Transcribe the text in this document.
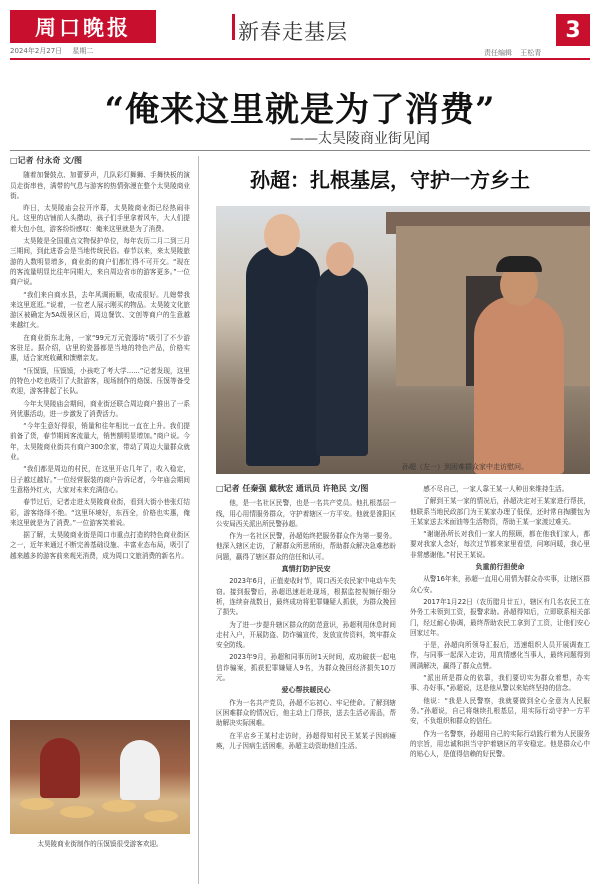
周口晚报
2024年2月27日 星期二
新春走基层
责任编辑 王松青
3
“俺来这里就是为了消费”
——太昊陵商业街见闻
□记者 付永奇 文/图

随着加餐鼓点、加蕾萝声，几队彩灯舞狮、手舞快板的演员走街串巷，满带的气息与游客的热情弥漫在整个太昊陵商业街。

昨日，太昊陵庙会拉开序幕，太昊陵商业街已经热闹非凡。这里的店铺前人头攒动，孩子们手里拿着风车，大人们提着大包小包，游客纷纷感叹：俺来这里就是为了消费。

太昊陵是全国重点文物保护单位，每年农历二月二到三月三期间，到此进香会是当地传统民俗。春节以来，来太昊陵旅游的人数明显增多，商业街的商户们都忙得不可开交。“现在的客流量明显比往年同期大，来自周边省市的游客更多。”一位商户说。

“我们来自商水县，去年风调雨顺，收成很好。儿媳带我来这里逛逛。”说着，一位老人展示刚买的物品。太昊陵文化旅游区被确定为5A级景区后，周边餐饮、文创等商户的生意越来越红火。

在商业街东北角，一家“99元万元瓷器坊”吸引了不少游客驻足。据介绍，店里的瓷器都是当地的特色产品，价格实惠，适合家庭收藏和馈赠亲友。

“压馍馍，压馍馍，小孩吃了考大学……”记者发现，这里的特色小吃也吸引了大批游客，现场制作的烙馍、压馍等备受欢迎，游客排起了长队。

今年太昊陵庙会期间，商业街还联合周边商户推出了一系列优惠活动，进一步激发了消费活力。

“今年生意好得很，销量和往年相比一直在上升。我们提前备了货，春节期间客流量大，销售额明显增加。”商户说。今年，太昊陵商业街共有商户300余家，带动了周边大量群众就业。

“我们都是周边的村民，在这里开店几年了，收入稳定，日子越过越好。”一位经营服装的商户告诉记者，今年庙会期间生意格外红火，大家对未来充满信心。

春节过后，记者走进太昊陵商业街，看到大街小巷张灯结彩，游客络绎不绝。“这里环境好，东西全，价格也实惠，俺来这里就是为了消费。”一位游客笑着说。

据了解，太昊陵商业街是周口市重点打造的特色商业街区之一，近年来通过不断完善基础设施、丰富业态布局，吸引了越来越多的游客前来观光消费，成为周口文旅消费的新名片。

太昊陵商业街制作的压馍馍很受游客欢迎。
孙超：扎根基层，守护一方乡土
孙超（左一）到困难群众家中走访慰问。
□记者 任秦强 戴秋宏 通讯员 许艳民 文/图

他，是一名社区民警，也是一名共产党员。他扎根基层一线，用心用情服务群众，守护着辖区一方平安。他就是淮阳区公安局西关派出所民警孙超。

作为一名社区民警，孙超始终把服务群众作为第一要务。他深入辖区走访，了解群众所思所盼，帮助群众解决急难愁盼问题，赢得了辖区群众的信任和认可。

真情打防护民安

2023年6月，正值麦收时节，周口西关农民家中电动车失窃。接到报警后，孙超迅速赶赴现场，根据监控视频仔细分析，连续奋战数日，最终成功将犯罪嫌疑人抓获，为群众挽回了损失。

为了进一步提升辖区群众的防范意识，孙超利用休息时间走村入户，开展防盗、防诈骗宣传，发放宣传资料，筑牢群众安全防线。

2023年9月，孙超和同事历时1天时间，成功破获一起电信诈骗案，抓获犯罪嫌疑人9名，为群众挽回经济损失10万元。

爱心帮扶暖民心

作为一名共产党员，孙超不忘初心、牢记使命。了解到辖区困难群众的情况后，他主动上门帮扶，送去生活必需品，帮助解决实际困难。

在平店乡王某村走访时，孙超得知村民王某某子因病瘫痪，儿子因病生活困难，孙超主动资助他们生活。

感不尽自己，一家人靠王某一人种田来维持生活。

了解到王某一家的情况后，孙超决定对王某家进行帮扶，他联系当地民政部门为王某家办理了低保，还时常自掏腰包为王某家送去米面油等生活物资，帮助王某一家渡过难关。

“谢谢孙所长对我们一家人的照顾，都在他我们家人，都要对我家人念好，每次过节都来家里看望，问寒问暖，我心里非常感谢他。”村民王某说。

负重前行担使命

从警16年来，孙超一直用心用情为群众办实事，让辖区群众心安。

2017年1月22日（农历腊月廿五），辖区有几名农民工在外务工未领到工资，报警求助。孙超得知后，立即联系相关部门，经过耐心协调，最终帮助农民工拿到了工资，让他们安心回家过年。

于是，孙超向所领导汇报后，迅速组织人员开展调查工作，与同事一起深入走访，用真情感化当事人，最终问题得到圆满解决，赢得了群众点赞。

“派出所是群众的依靠，我们要切实为群众着想，办实事、办好事。”孙超说，这是他从警以来始终坚持的信念。

他说：“我是人民警察，我就要做到全心全意为人民服务。”孙超说，自己将继续扎根基层，用实际行动守护一方平安，不负组织和群众的信任。

作为一名警察，孙超用自己的实际行动践行着为人民服务的宗旨，用忠诚和担当守护着辖区的平安稳定。他是群众心中的贴心人，是值得信赖的好民警。
